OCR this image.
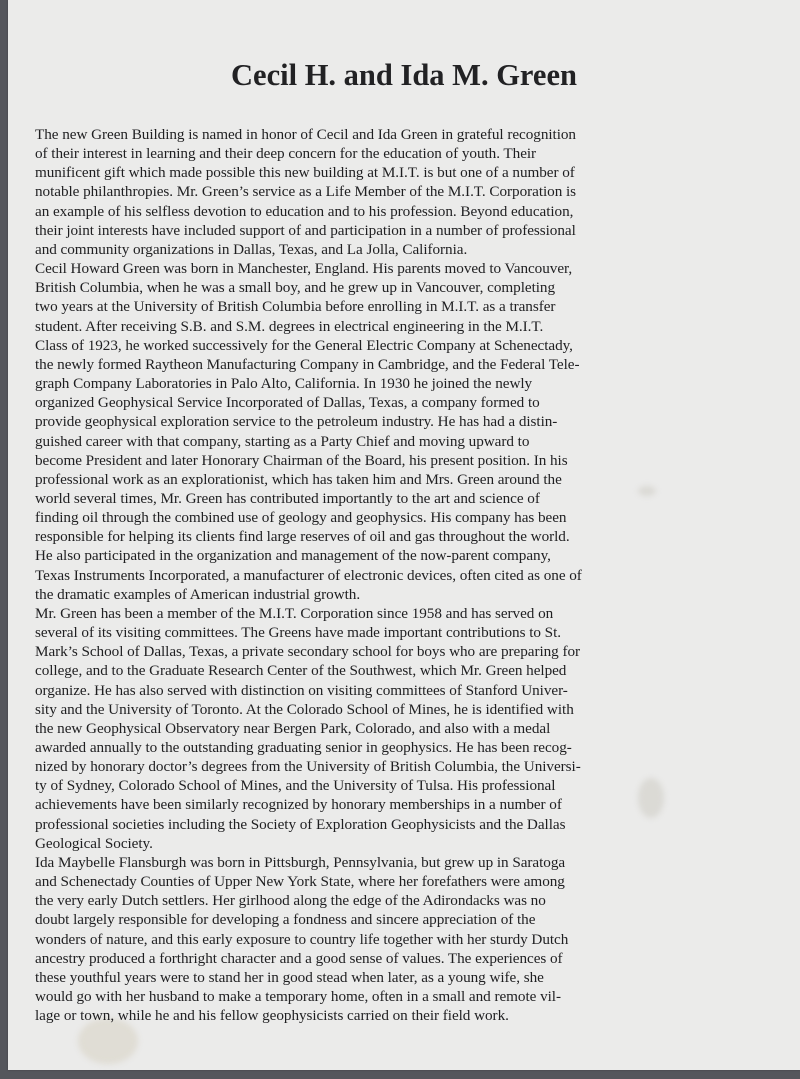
Cecil H. and Ida M. Green

The new Green Building is named in honor of Cecil and Ida Green in grateful recognition
of their interest in learning and their deep concern for the education of youth. Their
munificent gift which made possible this new building at M.I.T. is but one of a number of
notable philanthropies. Mr. Green’s service as a Life Member of the M.I.T. Corporation is
an example of his selfless devotion to education and to his profession. Beyond education,
their joint interests have included support of and participation in a number of professional
and community organizations in Dallas, Texas, and La Jolla, California.

Cecil Howard Green was born in Manchester, England. His parents moved to Vancouver,
British Columbia, when he was a small boy, and he grew up in Vancouver, completing
two years at the University of British Columbia before enrolling in M.I.T. as a transfer
student. After receiving S.B. and S.M. degrees in electrical engineering in the M.I.T.
Class of 1923, he worked successively for the General Electric Company at Schenectady,
the newly formed Raytheon Manufacturing Company in Cambridge, and the Federal Tele-
graph Company Laboratories in Palo Alto, California. In 1930 he joined the newly
organized Geophysical Service Incorporated of Dallas, Texas, a company formed to
provide geophysical exploration service to the petroleum industry. He has had a distin-
guished career with that company, starting as a Party Chief and moving upward to
become President and later Honorary Chairman of the Board, his present position. In his
professional work as an explorationist, which has taken him and Mrs. Green around the
world several times, Mr. Green has contributed importantly to the art and science of
finding oil through the combined use of geology and geophysics. His company has been
responsible for helping its clients find large reserves of oil and gas throughout the world.
He also participated in the organization and management of the now-parent company,
Texas Instruments Incorporated, a manufacturer of electronic devices, often cited as one of
the dramatic examples of American industrial growth.

Mr. Green has been a member of the M.I.T. Corporation since 1958 and has served on
several of its visiting committees. The Greens have made important contributions to St.
Mark’s School of Dallas, Texas, a private secondary school for boys who are preparing for
college, and to the Graduate Research Center of the Southwest, which Mr. Green helped
organize. He has also served with distinction on visiting committees of Stanford Univer-
sity and the University of Toronto. At the Colorado School of Mines, he is identified with
the new Geophysical Observatory near Bergen Park, Colorado, and also with a medal
awarded annually to the outstanding graduating senior in geophysics. He has been recog-
nized by honorary doctor’s degrees from the University of British Columbia, the Universi-
ty of Sydney, Colorado School of Mines, and the University of Tulsa. His professional
achievements have been similarly recognized by honorary memberships in a number of
professional societies including the Society of Exploration Geophysicists and the Dallas
Geological Society.

Ida Maybelle Flansburgh was born in Pittsburgh, Pennsylvania, but grew up in Saratoga
and Schenectady Counties of Upper New York State, where her forefathers were among
the very early Dutch settlers. Her girlhood along the edge of the Adirondacks was no
doubt largely responsible for developing a fondness and sincere appreciation of the
wonders of nature, and this early exposure to country life together with her sturdy Dutch
ancestry produced a forthright character and a good sense of values. The experiences of
these youthful years were to stand her in good stead when later, as a young wife, she
would go with her husband to make a temporary home, often in a small and remote vil-
lage or town, while he and his fellow geophysicists carried on their field work.
